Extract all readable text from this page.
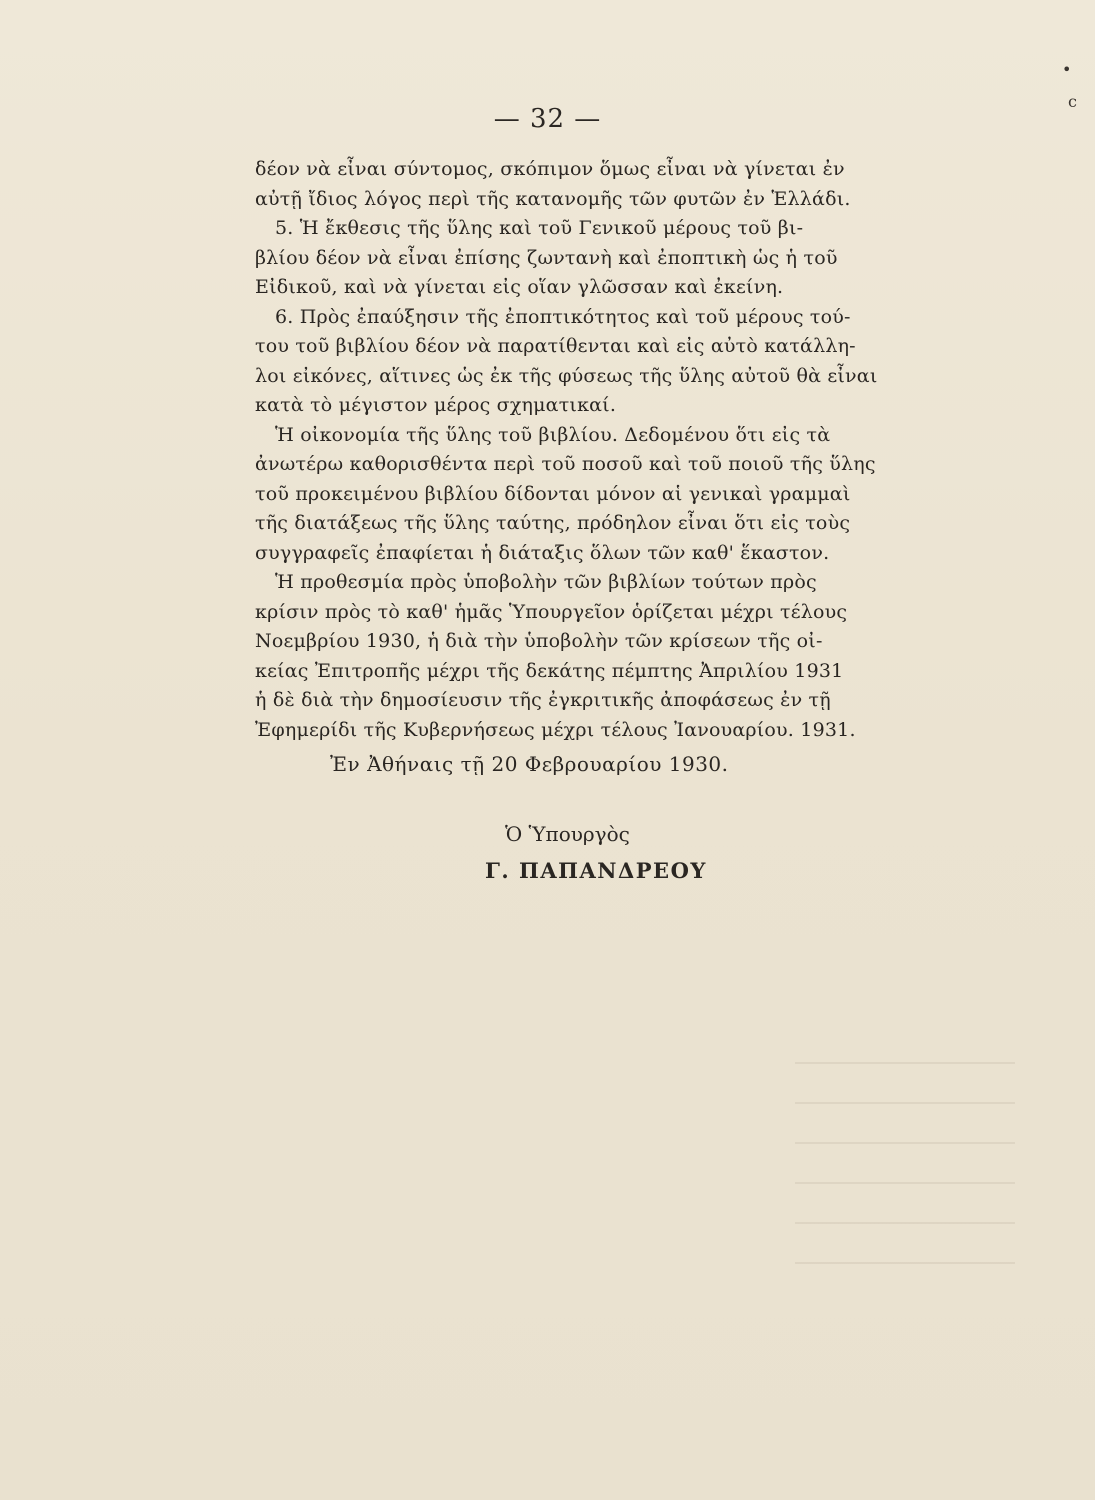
•
ϲ
— 32 —
δέον νὰ εἶναι σύντομος, σκόπιμον ὅμως εἶναι νὰ γίνεται ἐν
αὐτῇ ἴδιος λόγος περὶ τῆς κατανομῆς τῶν φυτῶν ἐν Ἑλλάδι.
5. Ἡ ἔκθεσις τῆς ὕλης καὶ τοῦ Γενικοῦ μέρους τοῦ βι-
βλίου δέον νὰ εἶναι ἐπίσης ζωντανὴ καὶ ἐποπτικὴ ὡς ἡ τοῦ
Εἰδικοῦ, καὶ νὰ γίνεται εἰς οἵαν γλῶσσαν καὶ ἐκείνη.
6. Πρὸς ἐπαύξησιν τῆς ἐποπτικότητος καὶ τοῦ μέρους τού-
του τοῦ βιβλίου δέον νὰ παρατίθενται καὶ εἰς αὐτὸ κατάλλη-
λοι εἰκόνες, αἵτινες ὡς ἐκ τῆς φύσεως τῆς ὕλης αὐτοῦ θὰ εἶναι
κατὰ τὸ μέγιστον μέρος σχηματικαί.
Ἡ οἰκονομία τῆς ὕλης τοῦ βιβλίου. Δεδομένου ὅτι εἰς τὰ
ἀνωτέρω καθορισθέντα περὶ τοῦ ποσοῦ καὶ τοῦ ποιοῦ τῆς ὕλης
τοῦ προκειμένου βιβλίου δίδονται μόνον αἱ γενικαὶ γραμμαὶ
τῆς διατάξεως τῆς ὕλης ταύτης, πρόδηλον εἶναι ὅτι εἰς τοὺς
συγγραφεῖς ἐπαφίεται ἡ διάταξις ὅλων τῶν καθ' ἕκαστον.
Ἡ προθεσμία πρὸς ὑποβολὴν τῶν βιβλίων τούτων πρὸς
κρίσιν πρὸς τὸ καθ' ἡμᾶς Ὑπουργεῖον ὁρίζεται μέχρι τέλους
Νοεμβρίου 1930, ἡ διὰ τὴν ὑποβολὴν τῶν κρίσεων τῆς οἰ-
κείας Ἐπιτροπῆς μέχρι τῆς δεκάτης πέμπτης Ἀπριλίου 1931
ἡ δὲ διὰ τὴν δημοσίευσιν τῆς ἐγκριτικῆς ἀποφάσεως ἐν τῇ
Ἐφημερίδι τῆς Κυβερνήσεως μέχρι τέλους Ἰανουαρίου. 1931.
Ἐν Ἀθήναις τῇ 20 Φεβρουαρίου 1930.
Ὁ Ὑπουργὸς
Γ. ΠΑΠΑΝΔΡΕΟΥ
